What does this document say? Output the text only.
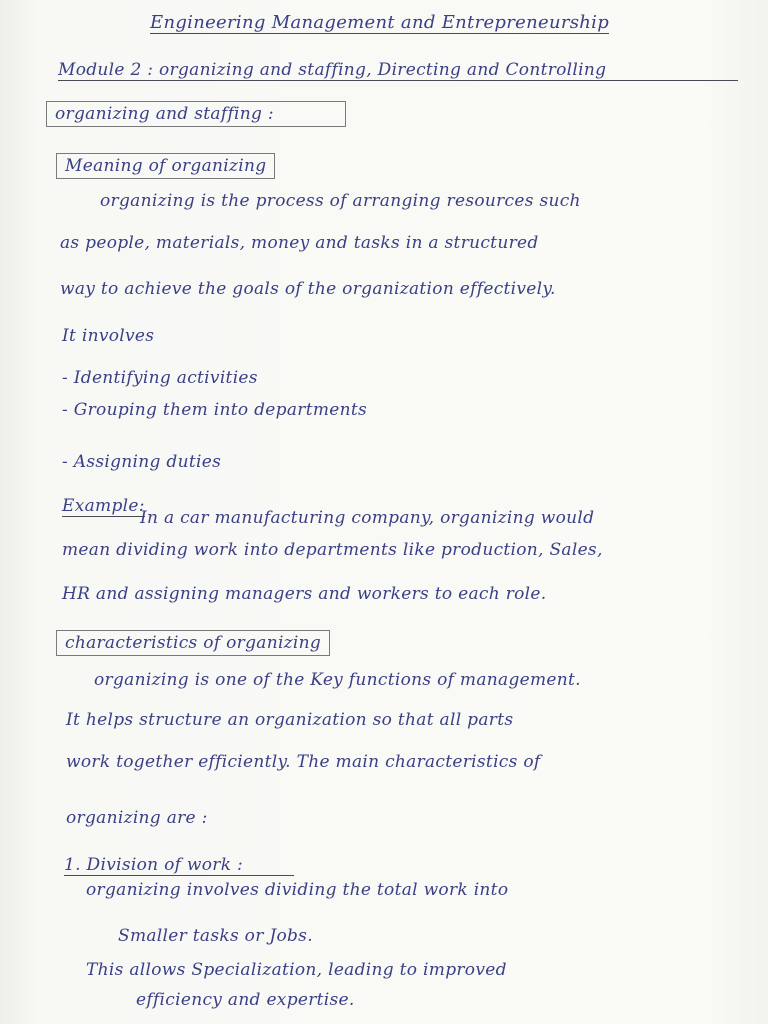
Engineering Management and Entrepreneurship
Module 2 : organizing and staffing, Directing and Controlling
organizing and staffing :
Meaning of organizing
organizing is the process of arranging resources such
as people, materials, money and tasks in a structured
way to achieve the goals of the organization effectively.
It involves
- Identifying activities
- Grouping them into departments
- Assigning duties
Example:
In a car manufacturing company, organizing would
mean dividing work into departments like production, Sales,
HR and assigning managers and workers to each role.
characteristics of organizing
organizing is one of the Key functions of management.
It helps structure an organization so that all parts
work together efficiently. The main characteristics of
organizing are :
1. Division of work :
organizing involves dividing the total work into
Smaller tasks or Jobs.
This allows Specialization, leading to improved
efficiency and expertise.
